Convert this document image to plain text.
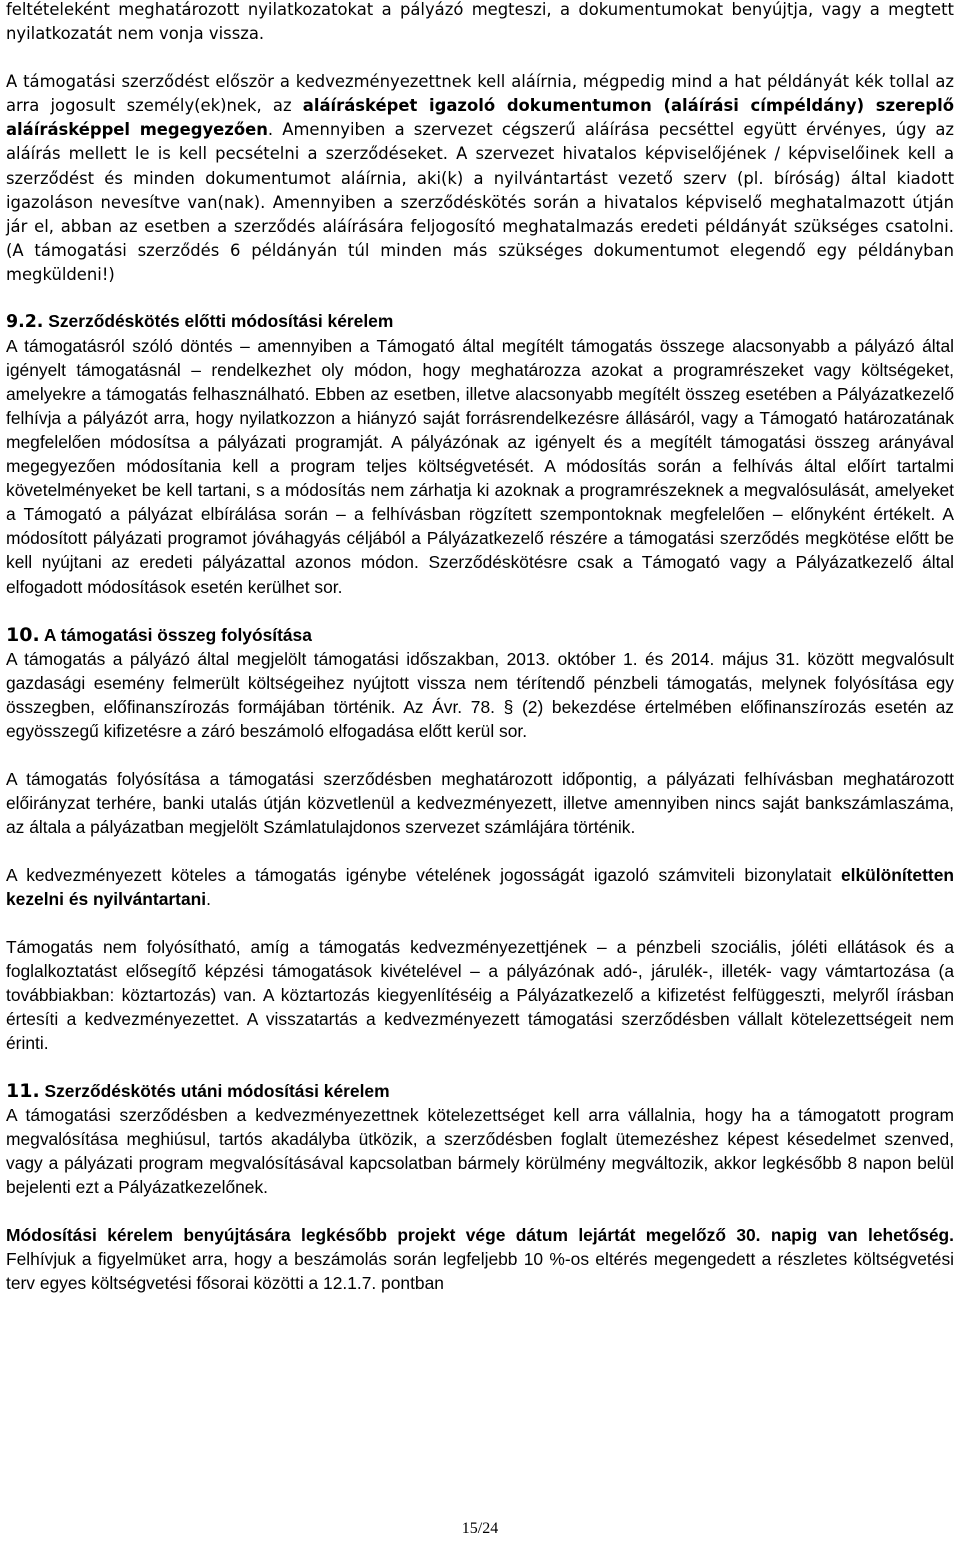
feltételeként meghatározott nyilatkozatokat a pályázó megteszi, a dokumentumokat benyújtja, vagy a megtett nyilatkozatát nem vonja vissza.

A támogatási szerződést először a kedvezményezettnek kell aláírnia, mégpedig mind a hat példányát kék tollal az arra jogosult személy(ek)nek, az aláírásképet igazoló dokumentumon (aláírási címpéldány) szereplő aláírásképpel megegyezően. Amennyiben a szervezet cégszerű aláírása pecséttel együtt érvényes, úgy az aláírás mellett le is kell pecsételni a szerződéseket. A szervezet hivatalos képviselőjének / képviselőinek kell a szerződést és minden dokumentumot aláírnia, aki(k) a nyilvántartást vezető szerv (pl. bíróság) által kiadott igazoláson nevesítve van(nak). Amennyiben a szerződéskötés során a hivatalos képviselő meghatalmazott útján jár el, abban az esetben a szerződés aláírására feljogosító meghatalmazás eredeti példányát szükséges csatolni. (A támogatási szerződés 6 példányán túl minden más szükséges dokumentumot elegendő egy példányban megküldeni!)

9.2. Szerződéskötés előtti módosítási kérelem

A támogatásról szóló döntés – amennyiben a Támogató által megítélt támogatás összege alacsonyabb a pályázó által igényelt támogatásnál – rendelkezhet oly módon, hogy meghatározza azokat a programrészeket vagy költségeket, amelyekre a támogatás felhasználható. Ebben az esetben, illetve alacsonyabb megítélt összeg esetében a Pályázatkezelő felhívja a pályázót arra, hogy nyilatkozzon a hiányzó saját forrásrendelkezésre állásáról, vagy a Támogató határozatának megfelelően módosítsa a pályázati programját. A pályázónak az igényelt és a megítélt támogatási összeg arányával megegyezően módosítania kell a program teljes költségvetését. A módosítás során a felhívás által előírt tartalmi követelményeket be kell tartani, s a módosítás nem zárhatja ki azoknak a programrészeknek a megvalósulását, amelyeket a Támogató a pályázat elbírálása során – a felhívásban rögzített szempontoknak megfelelően – előnyként értékelt. A módosított pályázati programot jóváhagyás céljából a Pályázatkezelő részére a támogatási szerződés megkötése előtt be kell nyújtani az eredeti pályázattal azonos módon. Szerződéskötésre csak a Támogató vagy a Pályázatkezelő által elfogadott módosítások esetén kerülhet sor.

10. A támogatási összeg folyósítása

A támogatás a pályázó által megjelölt támogatási időszakban, 2013. október 1. és 2014. május 31. között megvalósult gazdasági esemény felmerült költségeihez nyújtott vissza nem térítendő pénzbeli támogatás, melynek folyósítása egy összegben, előfinanszírozás formájában történik. Az Ávr. 78. § (2) bekezdése értelmében előfinanszírozás esetén az egyösszegű kifizetésre a záró beszámoló elfogadása előtt kerül sor.

A támogatás folyósítása a támogatási szerződésben meghatározott időpontig, a pályázati felhívásban meghatározott előirányzat terhére, banki utalás útján közvetlenül a kedvezményezett, illetve amennyiben nincs saját bankszámlaszáma, az általa a pályázatban megjelölt Számlatulajdonos szervezet számlájára történik.

A kedvezményezett köteles a támogatás igénybe vételének jogosságát igazoló számviteli bizonylatait elkülönítetten kezelni és nyilvántartani.

Támogatás nem folyósítható, amíg a támogatás kedvezményezettjének – a pénzbeli szociális, jóléti ellátások és a foglalkoztatást elősegítő képzési támogatások kivételével – a pályázónak adó-, járulék-, illeték- vagy vámtartozása (a továbbiakban: köztartozás) van. A köztartozás kiegyenlítéséig a Pályázatkezelő a kifizetést felfüggeszti, melyről írásban értesíti a kedvezményezettet. A visszatartás a kedvezményezett támogatási szerződésben vállalt kötelezettségeit nem érinti.

11. Szerződéskötés utáni módosítási kérelem

A támogatási szerződésben a kedvezményezettnek kötelezettséget kell arra vállalnia, hogy ha a támogatott program megvalósítása meghiúsul, tartós akadályba ütközik, a szerződésben foglalt ütemezéshez képest késedelmet szenved, vagy a pályázati program megvalósításával kapcsolatban bármely körülmény megváltozik, akkor legkésőbb 8 napon belül bejelenti ezt a Pályázatkezelőnek.

Módosítási kérelem benyújtására legkésőbb projekt vége dátum lejártát megelőző 30. napig van lehetőség. Felhívjuk a figyelmüket arra, hogy a beszámolás során legfeljebb 10 %-os eltérés megengedett a részletes költségvetési terv egyes költségvetési fősorai közötti a 12.1.7. pontban

15/24
